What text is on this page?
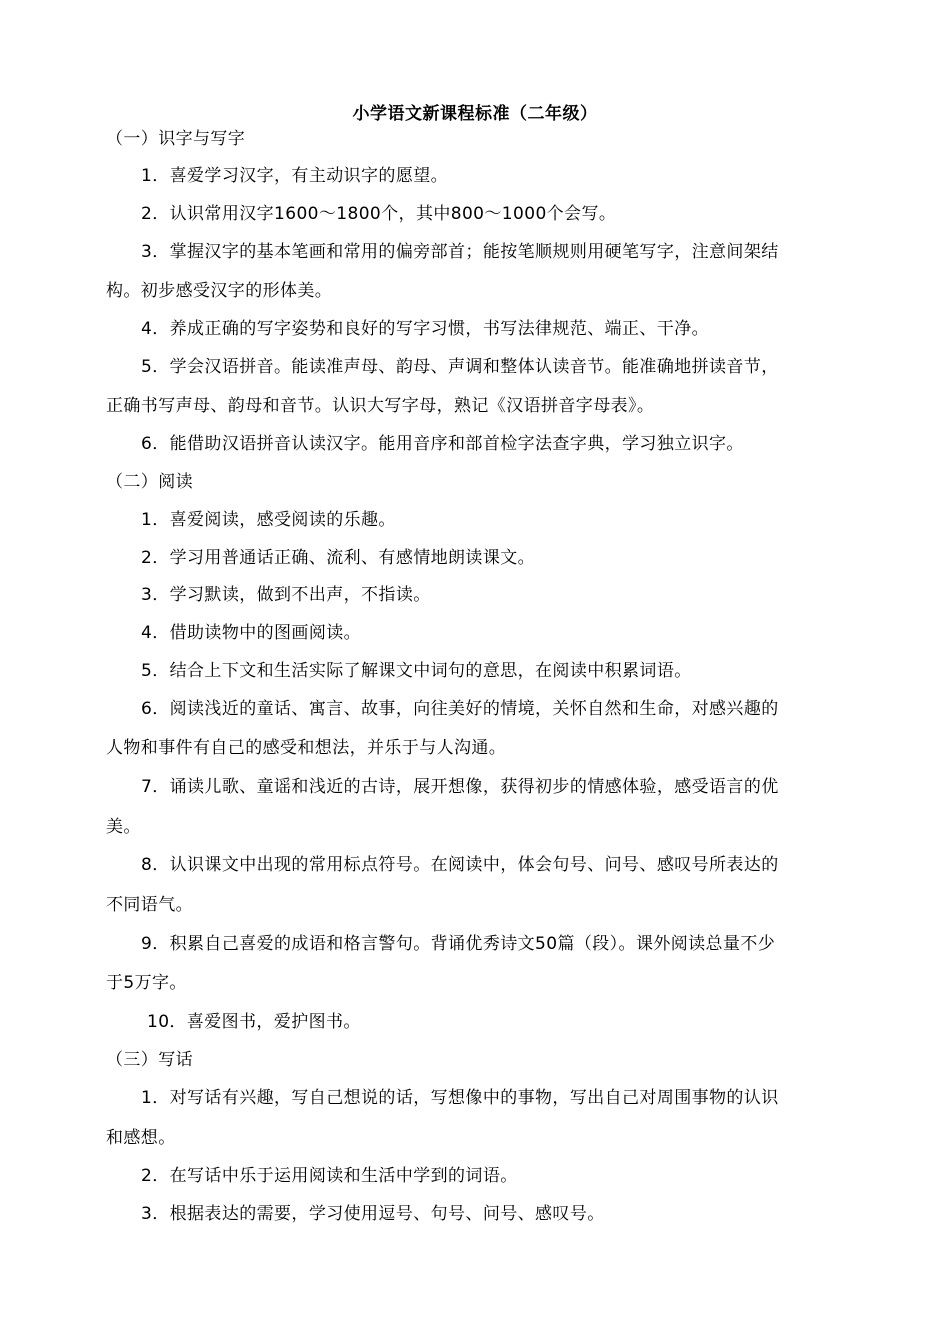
小学语文新课程标准（二年级）
（一）识字与写字
1．喜爱学习汉字，有主动识字的愿望。
2．认识常用汉字1600～1800个，其中800～1000个会写。
3．掌握汉字的基本笔画和常用的偏旁部首；能按笔顺规则用硬笔写字，注意间架结
构。初步感受汉字的形体美。
4．养成正确的写字姿势和良好的写字习惯，书写法律规范、端正、干净。
5．学会汉语拼音。能读准声母、韵母、声调和整体认读音节。能准确地拼读音节，
正确书写声母、韵母和音节。认识大写字母，熟记《汉语拼音字母表》。
6．能借助汉语拼音认读汉字。能用音序和部首检字法查字典，学习独立识字。
（二）阅读
1．喜爱阅读，感受阅读的乐趣。
2．学习用普通话正确、流利、有感情地朗读课文。
3．学习默读，做到不出声，不指读。
4．借助读物中的图画阅读。
5．结合上下文和生活实际了解课文中词句的意思，在阅读中积累词语。
6．阅读浅近的童话、寓言、故事，向往美好的情境，关怀自然和生命，对感兴趣的
人物和事件有自己的感受和想法，并乐于与人沟通。
7．诵读儿歌、童谣和浅近的古诗，展开想像，获得初步的情感体验，感受语言的优
美。
8．认识课文中出现的常用标点符号。在阅读中，体会句号、问号、感叹号所表达的
不同语气。
9．积累自己喜爱的成语和格言警句。背诵优秀诗文50篇（段）。课外阅读总量不少
于5万字。
10．喜爱图书，爱护图书。
（三）写话
1．对写话有兴趣，写自己想说的话，写想像中的事物，写出自己对周围事物的认识
和感想。
2．在写话中乐于运用阅读和生活中学到的词语。
3．根据表达的需要，学习使用逗号、句号、问号、感叹号。
